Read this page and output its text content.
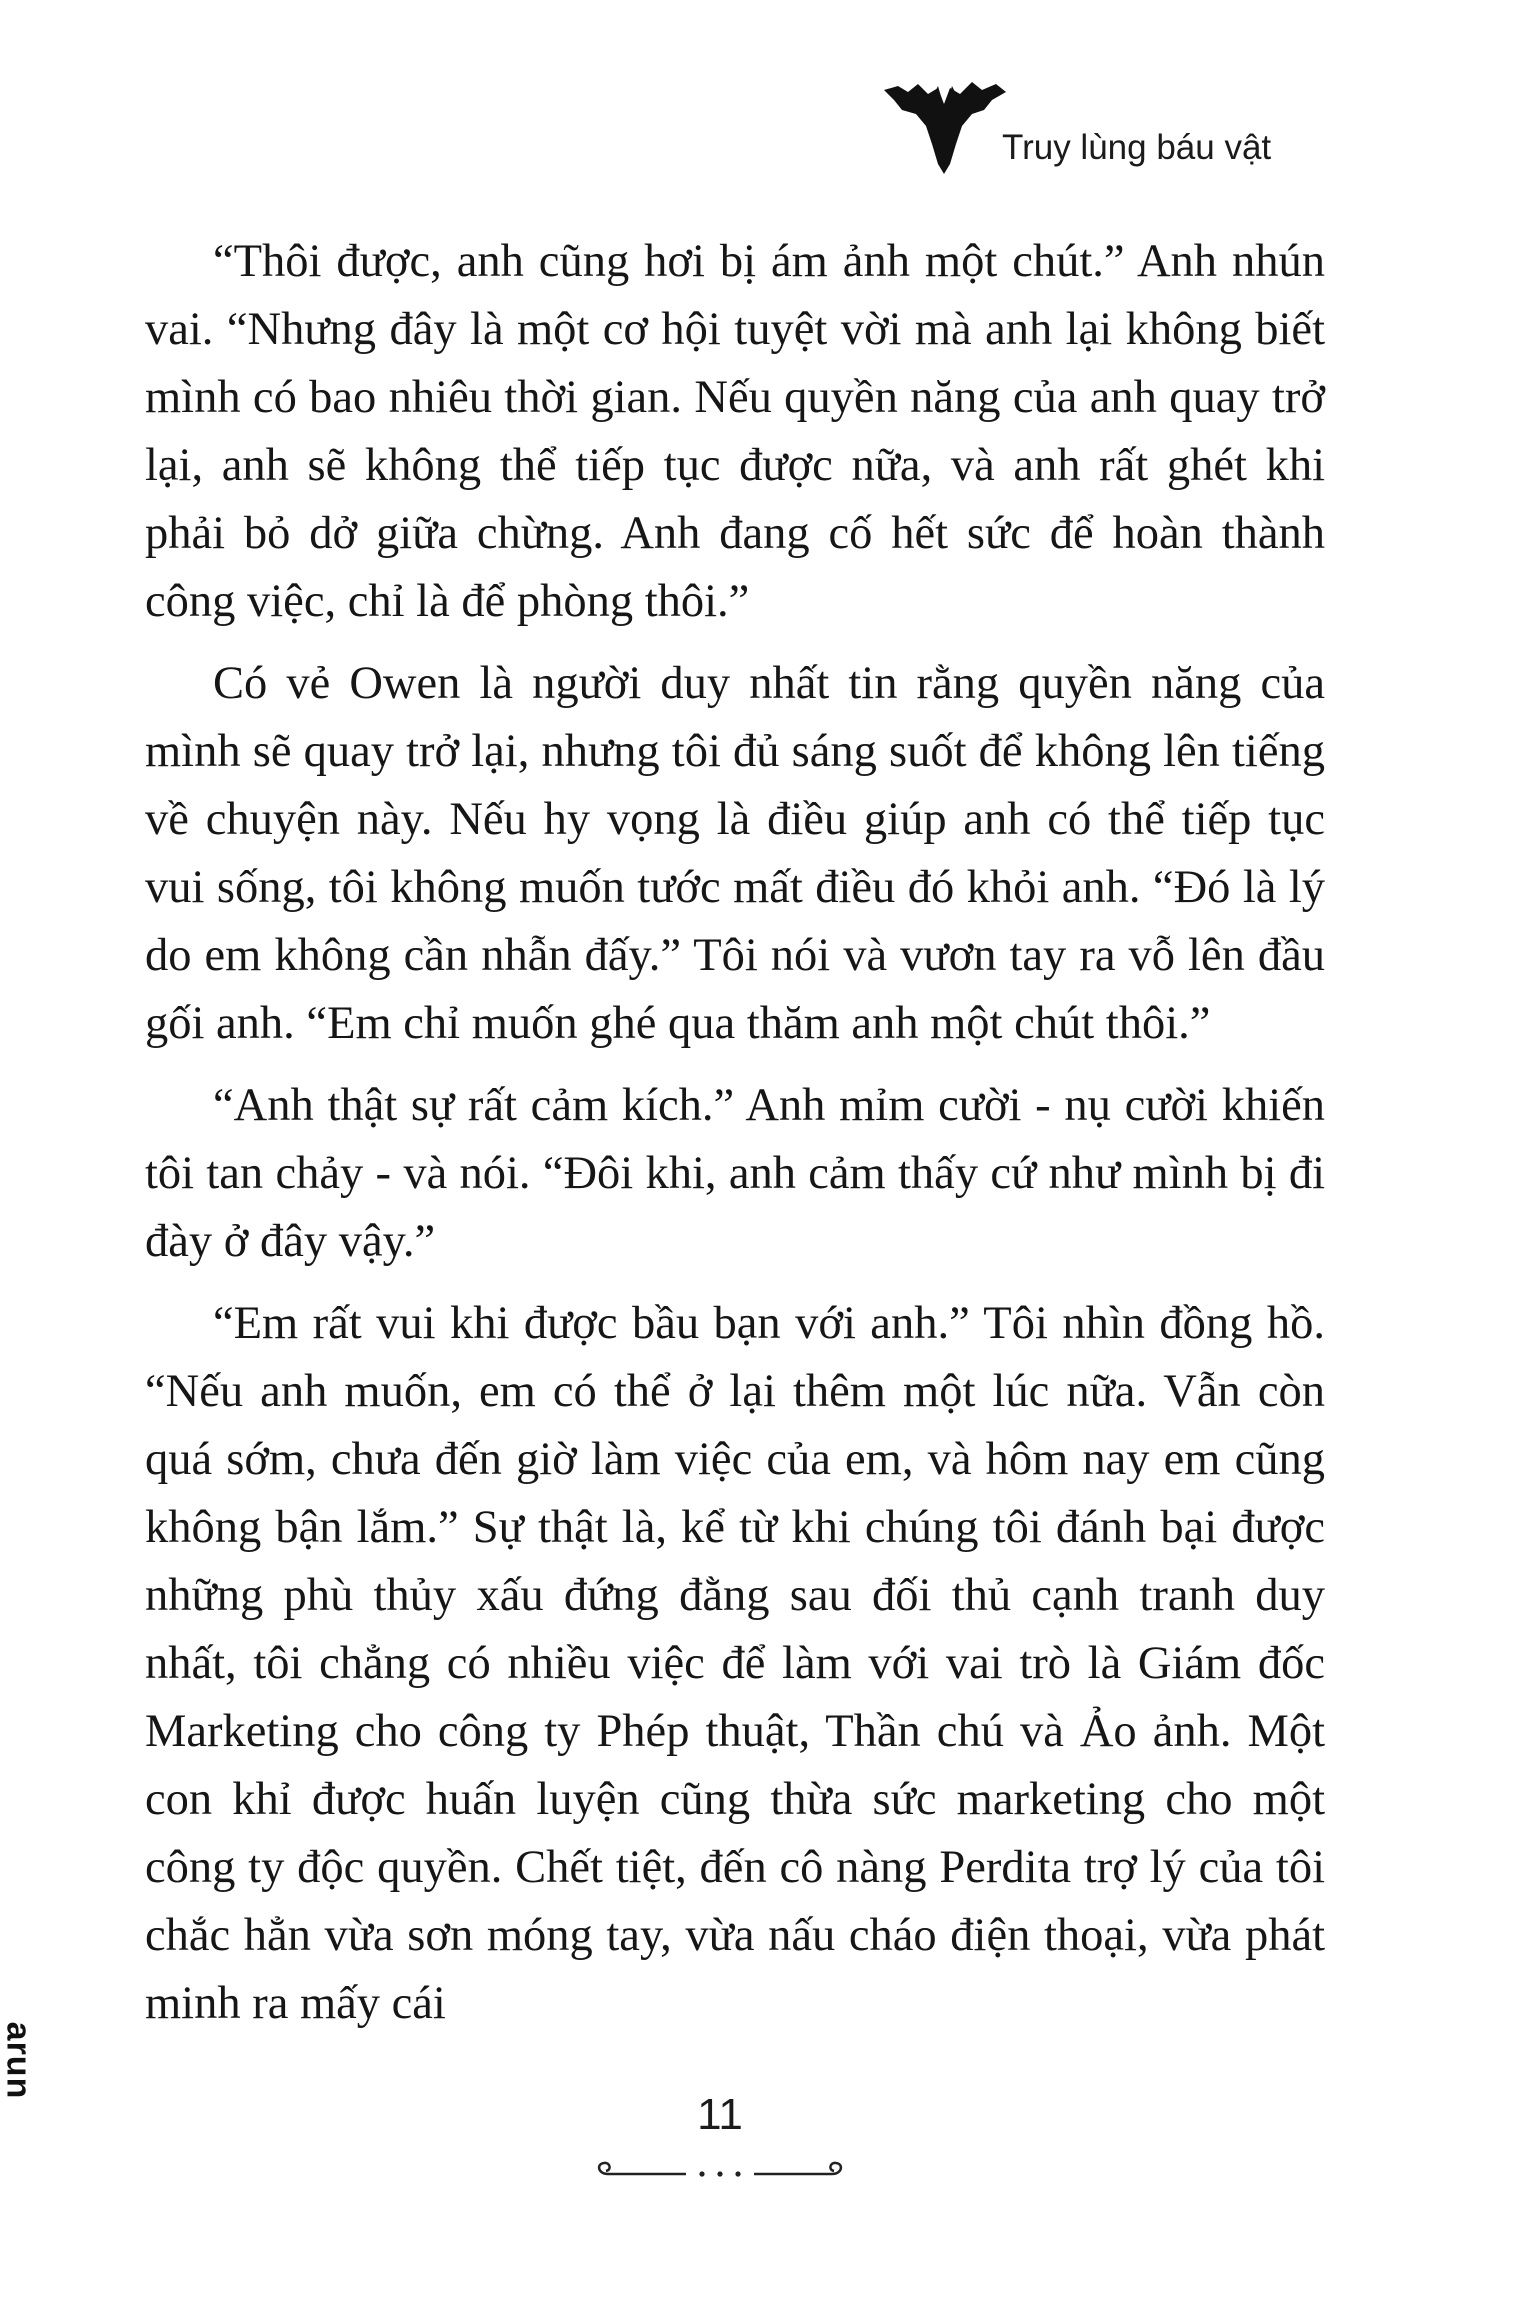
Truy lùng báu vật

“Thôi được, anh cũng hơi bị ám ảnh một chút.” Anh nhún vai. “Nhưng đây là một cơ hội tuyệt vời mà anh lại không biết mình có bao nhiêu thời gian. Nếu quyền năng của anh quay trở lại, anh sẽ không thể tiếp tục được nữa, và anh rất ghét khi phải bỏ dở giữa chừng. Anh đang cố hết sức để hoàn thành công việc, chỉ là để phòng thôi.”

Có vẻ Owen là người duy nhất tin rằng quyền năng của mình sẽ quay trở lại, nhưng tôi đủ sáng suốt để không lên tiếng về chuyện này. Nếu hy vọng là điều giúp anh có thể tiếp tục vui sống, tôi không muốn tước mất điều đó khỏi anh. “Đó là lý do em không cần nhẫn đấy.” Tôi nói và vươn tay ra vỗ lên đầu gối anh. “Em chỉ muốn ghé qua thăm anh một chút thôi.”

“Anh thật sự rất cảm kích.” Anh mỉm cười - nụ cười khiến tôi tan chảy - và nói. “Đôi khi, anh cảm thấy cứ như mình bị đi đày ở đây vậy.”

“Em rất vui khi được bầu bạn với anh.” Tôi nhìn đồng hồ. “Nếu anh muốn, em có thể ở lại thêm một lúc nữa. Vẫn còn quá sớm, chưa đến giờ làm việc của em, và hôm nay em cũng không bận lắm.” Sự thật là, kể từ khi chúng tôi đánh bại được những phù thủy xấu đứng đằng sau đối thủ cạnh tranh duy nhất, tôi chẳng có nhiều việc để làm với vai trò là Giám đốc Marketing cho công ty Phép thuật, Thần chú và Ảo ảnh. Một con khỉ được huấn luyện cũng thừa sức marketing cho một công ty độc quyền. Chết tiệt, đến cô nàng Perdita trợ lý của tôi chắc hẳn vừa sơn móng tay, vừa nấu cháo điện thoại, vừa phát minh ra mấy cái

arun
11
